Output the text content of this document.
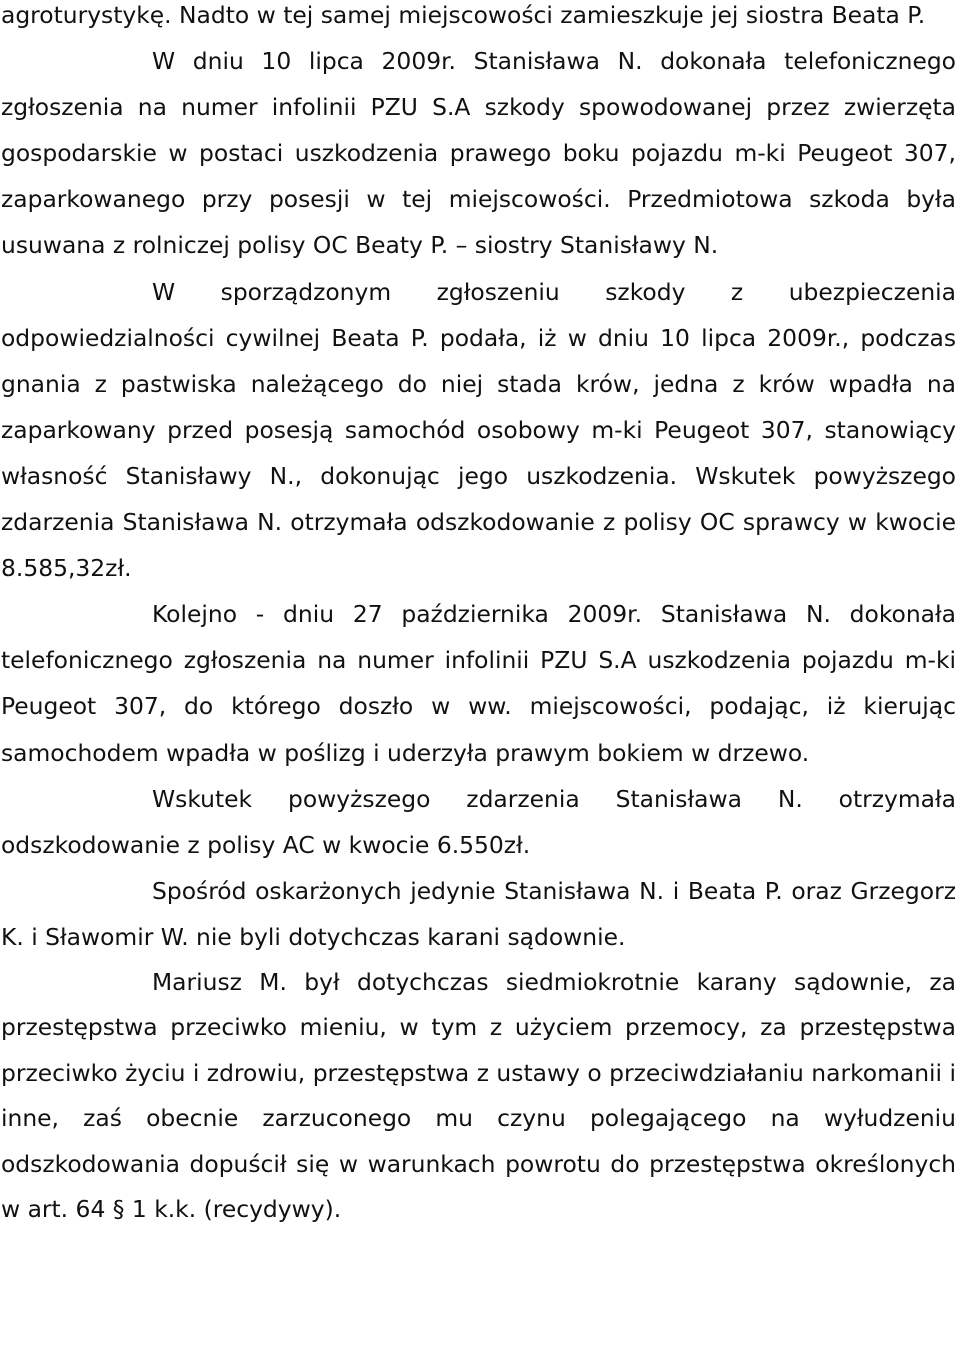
agroturystykę. Nadto w tej samej miejscowości zamieszkuje jej siostra Beata P.

W dniu 10 lipca 2009r. Stanisława N. dokonała telefonicznego zgłoszenia na numer infolinii PZU S.A szkody spowodowanej przez zwierzęta gospodarskie w postaci uszkodzenia prawego boku pojazdu m-ki Peugeot 307, zaparkowanego przy posesji w tej miejscowości. Przedmiotowa szkoda była usuwana z rolniczej polisy OC Beaty P. – siostry Stanisławy N.

W sporządzonym zgłoszeniu szkody z ubezpieczenia odpowiedzialności cywilnej Beata P. podała, iż w dniu 10 lipca 2009r., podczas gnania z pastwiska należącego do niej stada krów, jedna z krów wpadła na zaparkowany przed posesją samochód osobowy m-ki Peugeot 307, stanowiący własność Stanisławy N., dokonując jego uszkodzenia. Wskutek powyższego zdarzenia Stanisława N. otrzymała odszkodowanie z polisy OC sprawcy w kwocie 8.585,32zł.

Kolejno - dniu 27 października 2009r. Stanisława N. dokonała telefonicznego zgłoszenia na numer infolinii PZU S.A uszkodzenia pojazdu m-ki Peugeot 307, do którego doszło w ww. miejscowości, podając, iż kierując samochodem wpadła w poślizg i uderzyła prawym bokiem w drzewo.

Wskutek powyższego zdarzenia Stanisława N. otrzymała odszkodowanie z polisy AC w kwocie 6.550zł.

Spośród oskarżonych jedynie Stanisława N. i Beata P. oraz Grzegorz K. i Sławomir W. nie byli dotychczas karani sądownie.

Mariusz M. był dotychczas siedmiokrotnie karany sądownie, za przestępstwa przeciwko mieniu, w tym z użyciem przemocy, za przestępstwa przeciwko życiu i zdrowiu, przestępstwa z ustawy o przeciwdziałaniu narkomanii i inne, zaś obecnie zarzuconego mu czynu polegającego na wyłudzeniu odszkodowania dopuścił się w warunkach powrotu do przestępstwa określonych w art. 64 § 1 k.k. (recydywy).
